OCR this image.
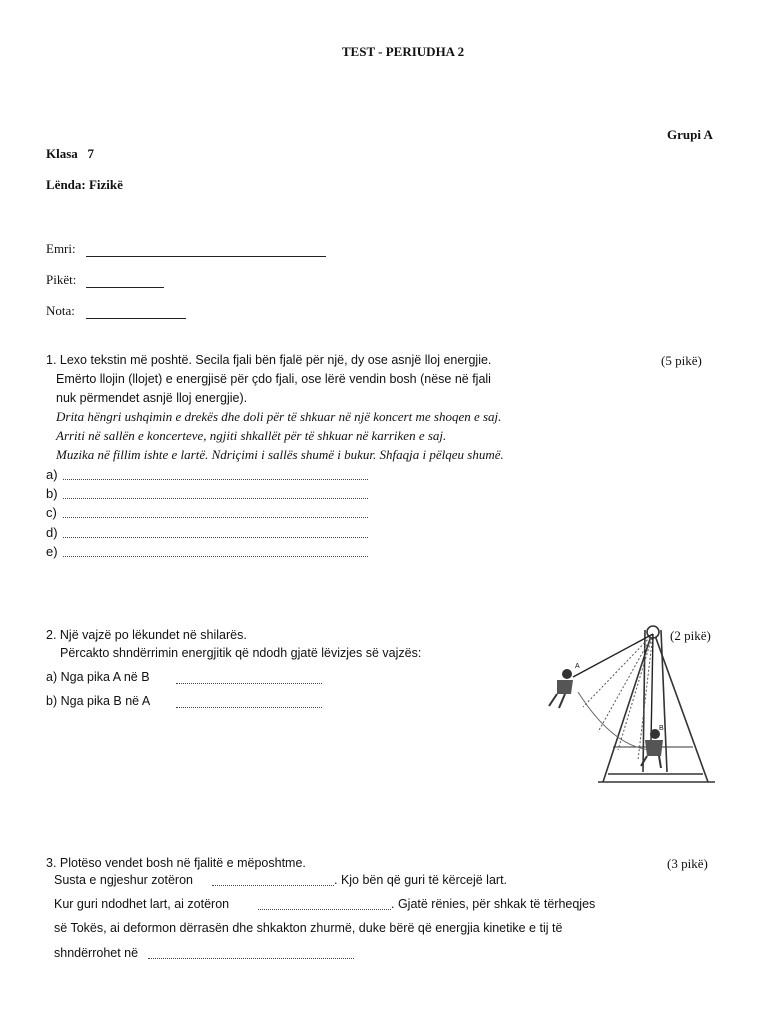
TEST - PERIUDHA 2
Grupi A
Klasa   7
Lënda: Fizikë
Emri:
Pikët:
Nota:
1. Lexo tekstin më poshtë. Secila fjali bën fjalë për një, dy ose asnjë lloj energjie.	(5 pikë)
Emërto llojin (llojet) e energjisë për çdo fjali, ose lërë vendin bosh (nëse në fjali
nuk përmendet asnjë lloj energjie).
Drita hëngri ushqimin e drekës dhe doli për të shkuar në një koncert me shoqen e saj.
Arriti në sallën e koncerteve, ngjiti shkallët për të shkuar në karriken e saj.
Muzika në fillim ishte e lartë. Ndriçimi i sallës shumë i bukur. Shfaqja i pëlqeu shumë.
a)
b)
c)
d)
e)
2. Një vajzë po lëkundet në shilarës.	(2 pikë)
Përcakto shndërrimin energjitik që ndodh gjatë lëvizjes së vajzës:
a) Nga pika A në B
b) Nga pika B në A
A
B
3. Plotëso vendet bosh në fjalitë e mëposhtme.	(3 pikë)
Susta e ngjeshur zotëron	. Kjo bën që guri të kërcejë lart.
Kur guri ndodhet lart, ai zotëron	. Gjatë rënies, për shkak të tërheqjes
së Tokës, ai deformon dërrasën dhe shkakton zhurmë, duke bërë që energjia kinetike e tij të
shndërrohet në
